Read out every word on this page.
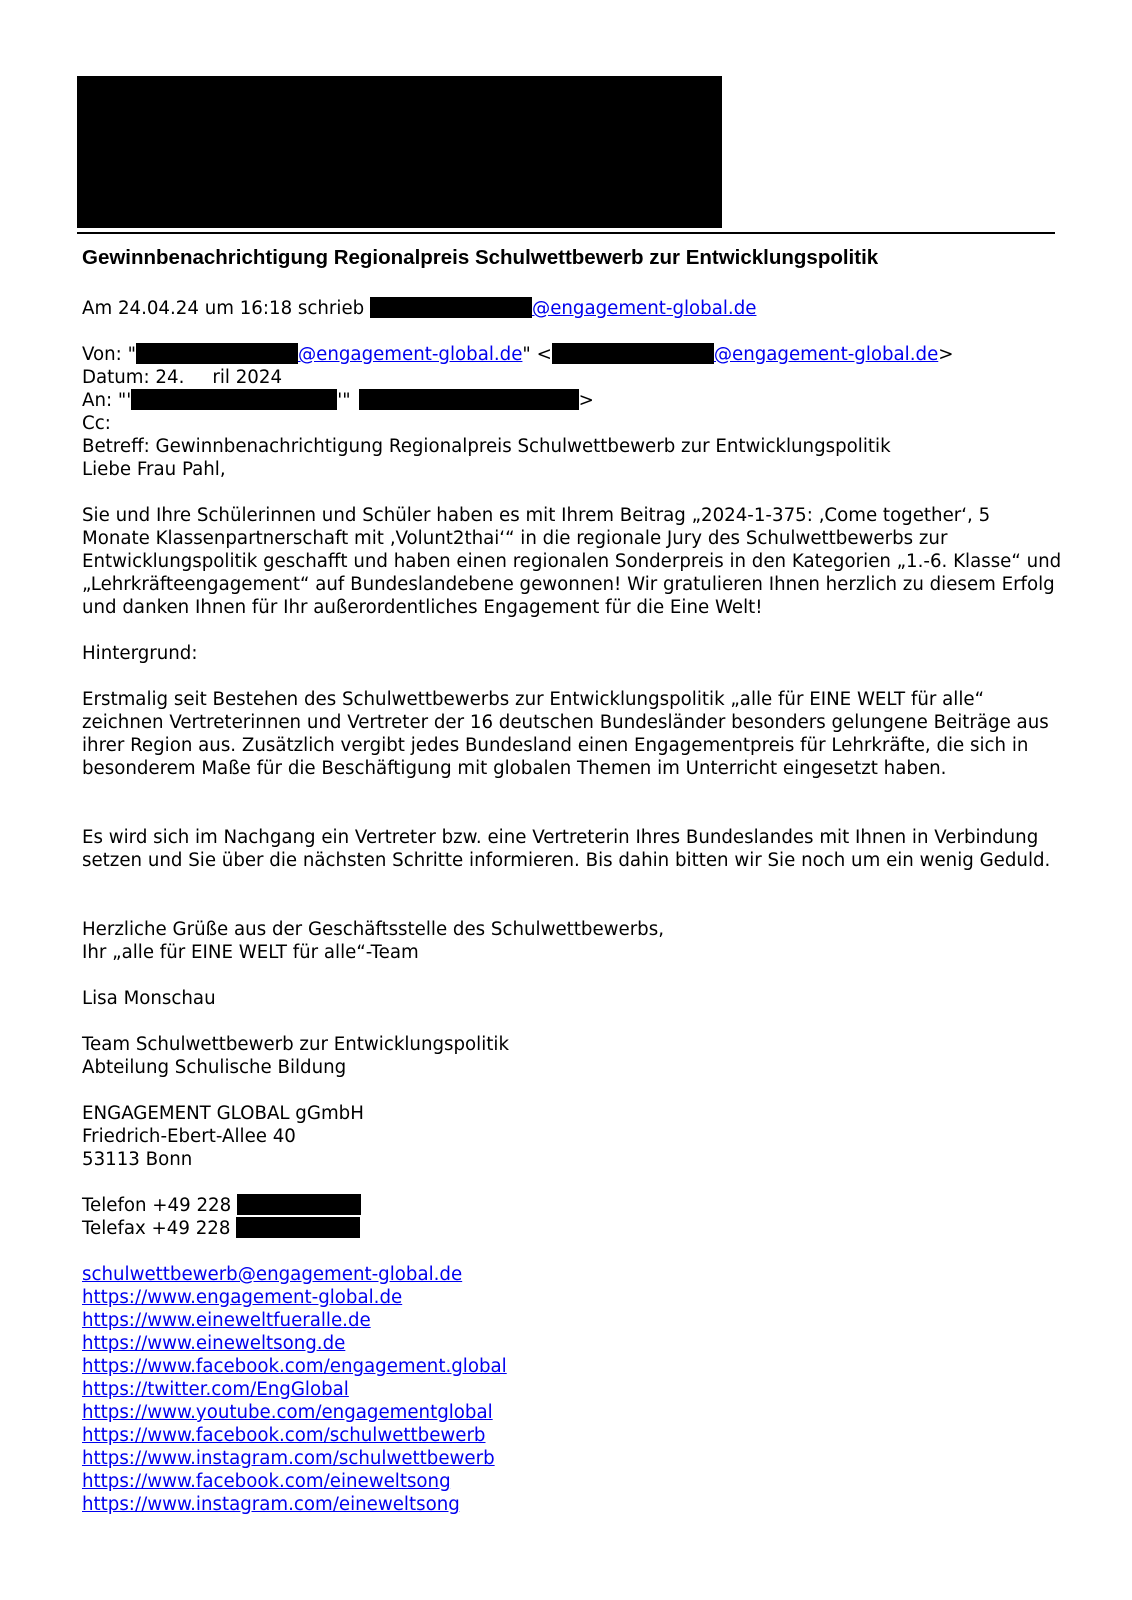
Gewinnbenachrichtigung Regionalpreis Schulwettbewerb zur Entwicklungspolitik
Am 24.04.24 um 16:18 schrieb	@engagement-global.de
Von: "	@engagement-global.de" <	@engagement-global.de>
Datum: 24. ril 2024
An: "'	'"	>
Cc:
Betreff: Gewinnbenachrichtigung Regionalpreis Schulwettbewerb zur Entwicklungspolitik
Liebe Frau Pahl,
Sie und Ihre Schülerinnen und Schüler haben es mit Ihrem Beitrag „2024-1-375: ‚Come together‘, 5 Monate Klassenpartnerschaft mit ‚Volunt2thai‘“ in die regionale Jury des Schulwettbewerbs zur Entwicklungspolitik geschafft und haben einen regionalen Sonderpreis in den Kategorien „1.-6. Klasse“ und „Lehrkräfteengagement“ auf Bundeslandebene gewonnen! Wir gratulieren Ihnen herzlich zu diesem Erfolg und danken Ihnen für Ihr außerordentliches Engagement für die Eine Welt!
Hintergrund:
Erstmalig seit Bestehen des Schulwettbewerbs zur Entwicklungspolitik „alle für EINE WELT für alle“ zeichnen Vertreterinnen und Vertreter der 16 deutschen Bundesländer besonders gelungene Beiträge aus ihrer Region aus. Zusätzlich vergibt jedes Bundesland einen Engagementpreis für Lehrkräfte, die sich in besonderem Maße für die Beschäftigung mit globalen Themen im Unterricht eingesetzt haben.
Es wird sich im Nachgang ein Vertreter bzw. eine Vertreterin Ihres Bundeslandes mit Ihnen in Verbindung setzen und Sie über die nächsten Schritte informieren. Bis dahin bitten wir Sie noch um ein wenig Geduld.
Herzliche Grüße aus der Geschäftsstelle des Schulwettbewerbs,
Ihr „alle für EINE WELT für alle“-Team
Lisa Monschau
Team Schulwettbewerb zur Entwicklungspolitik
Abteilung Schulische Bildung
ENGAGEMENT GLOBAL gGmbH
Friedrich-Ebert-Allee 40
53113 Bonn
Telefon +49 228
Telefax +49 228
schulwettbewerb@engagement-global.de
https://www.engagement-global.de
https://www.eineweltfueralle.de
https://www.eineweltsong.de
https://www.facebook.com/engagement.global
https://twitter.com/EngGlobal
https://www.youtube.com/engagementglobal
https://www.facebook.com/schulwettbewerb
https://www.instagram.com/schulwettbewerb
https://www.facebook.com/eineweltsong
https://www.instagram.com/eineweltsong
